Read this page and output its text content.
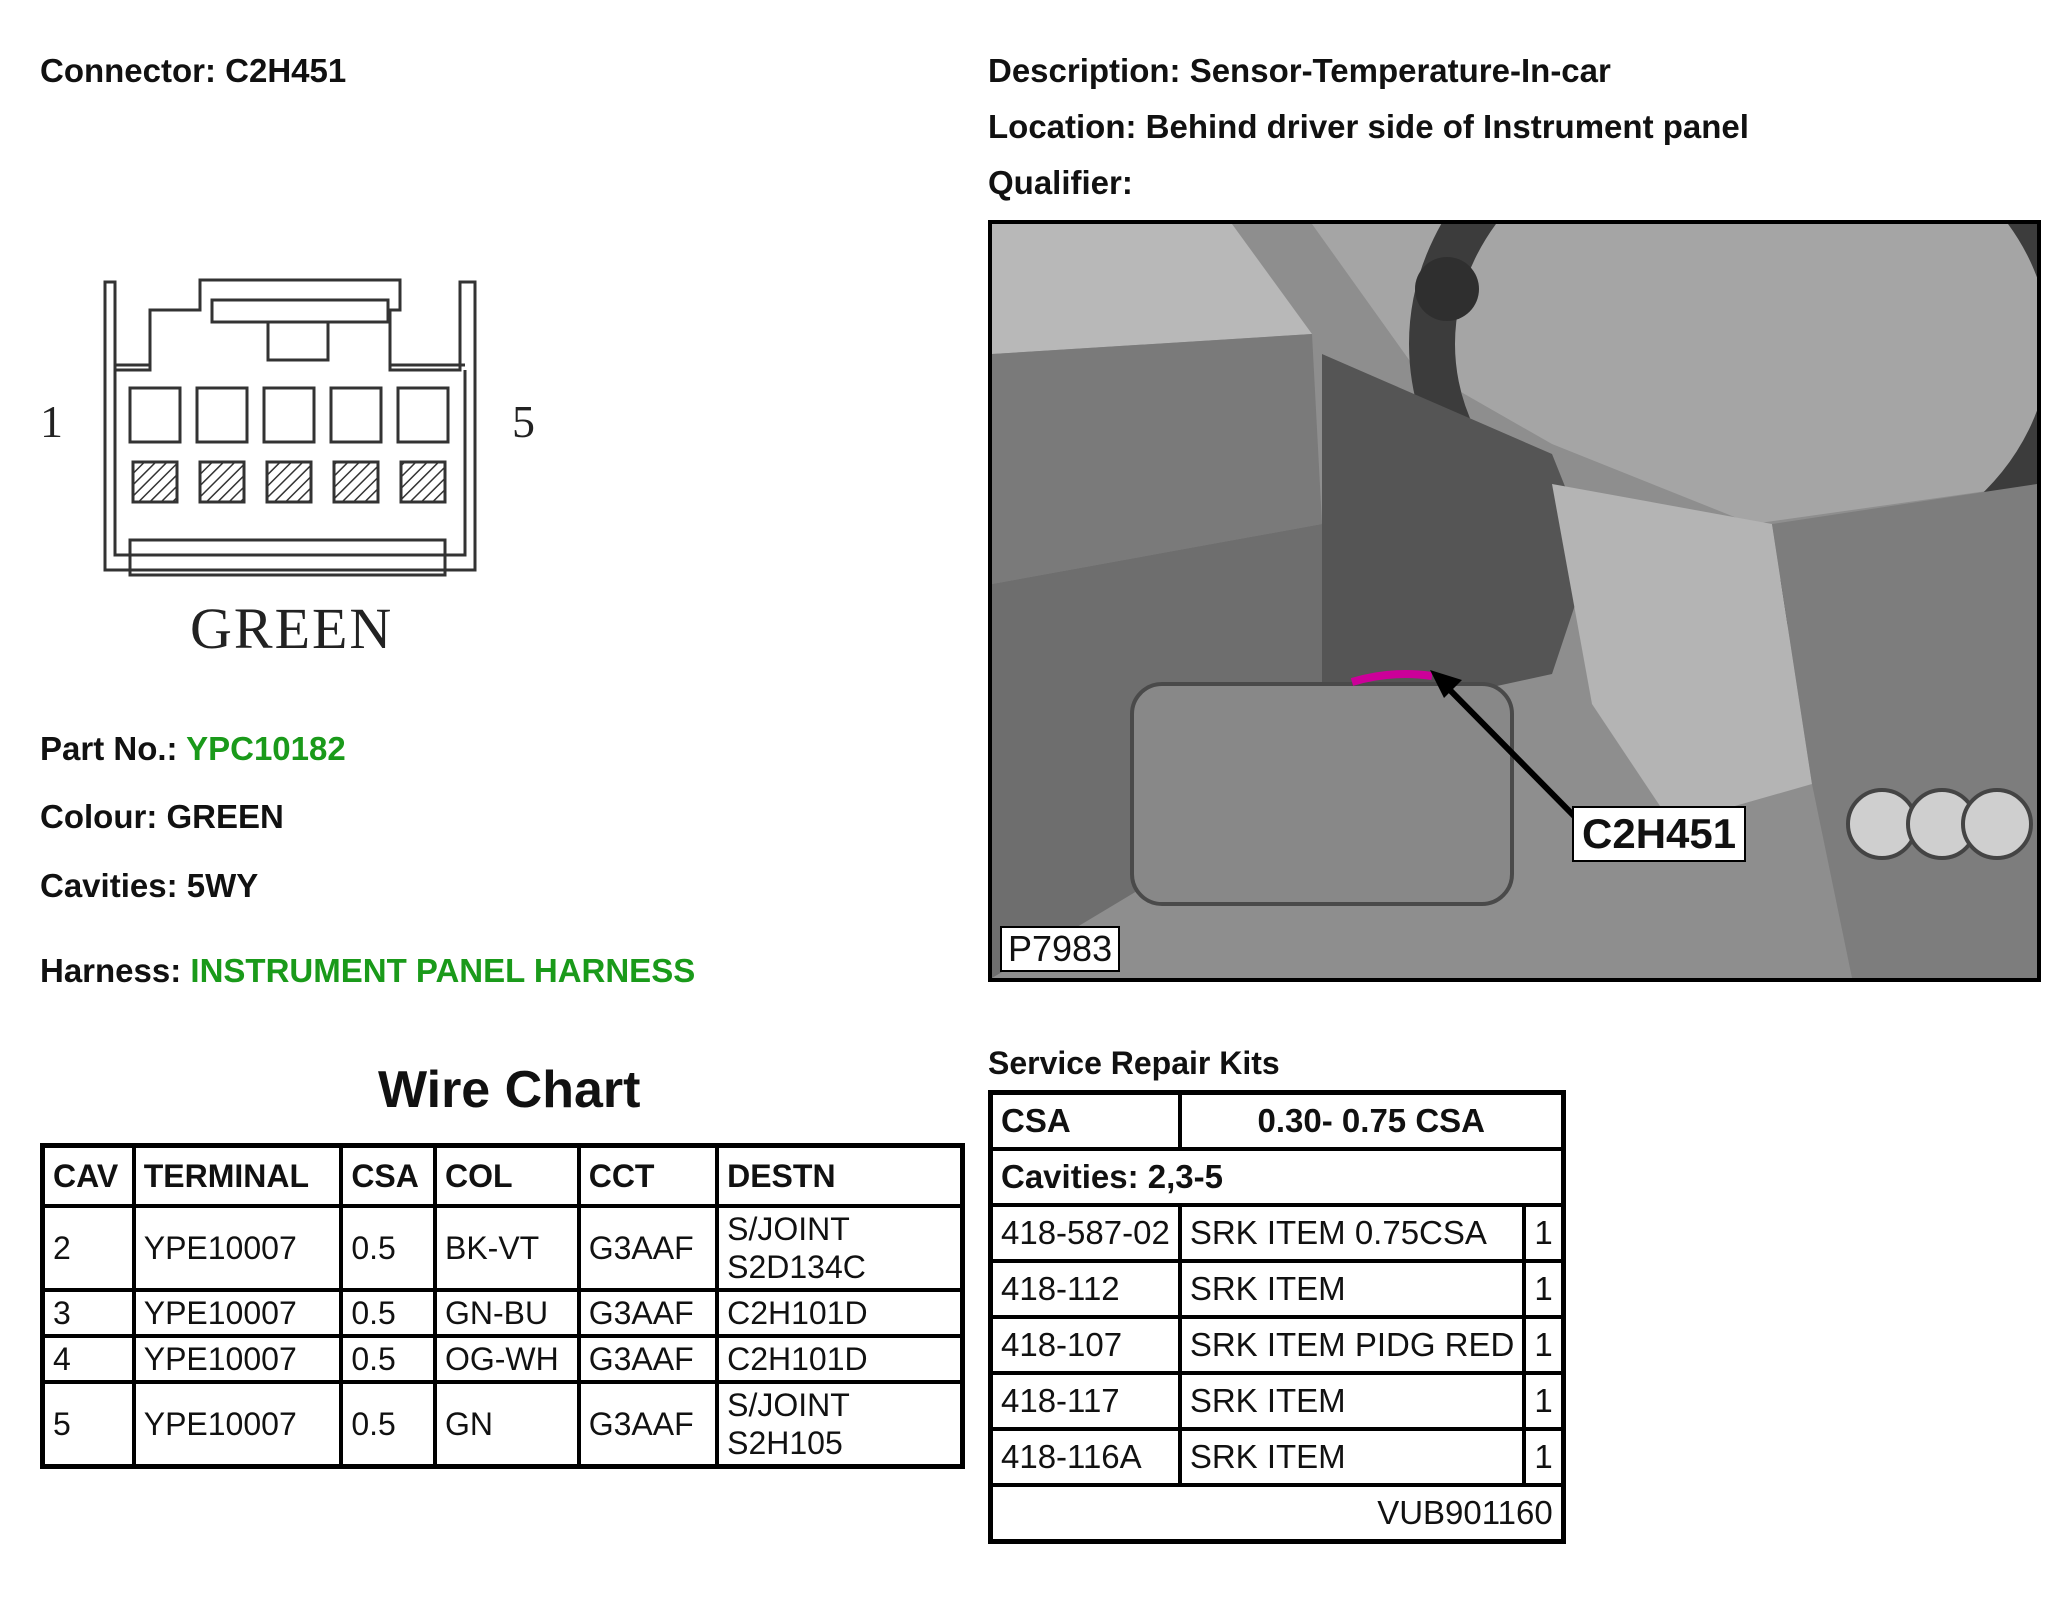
Connector: C2H451	Description: Sensor-Temperature-In-car
Location: Behind driver side of Instrument panel
Qualifier:
1	5
GREEN
Part No.: YPC10182
Colour: GREEN
Cavities: 5WY
Harness: INSTRUMENT PANEL HARNESS
P7983
C2H451
Wire Chart
CAV	TERMINAL	CSA	COL	CCT	DESTN
2	YPE10007	0.5	BK-VT	G3AAF	S/JOINT S2D134C
3	YPE10007	0.5	GN-BU	G3AAF	C2H101D
4	YPE10007	0.5	OG-WH	G3AAF	C2H101D
5	YPE10007	0.5	GN	G3AAF	S/JOINT S2H105
Service Repair Kits
CSA	0.30- 0.75 CSA	
Cavities: 2,3-5		
418-587-02	SRK ITEM 0.75CSA	1
418-112	SRK ITEM	1
418-107	SRK ITEM PIDG RED	1
418-117	SRK ITEM	1
418-116A	SRK ITEM	1
VUB901160		
